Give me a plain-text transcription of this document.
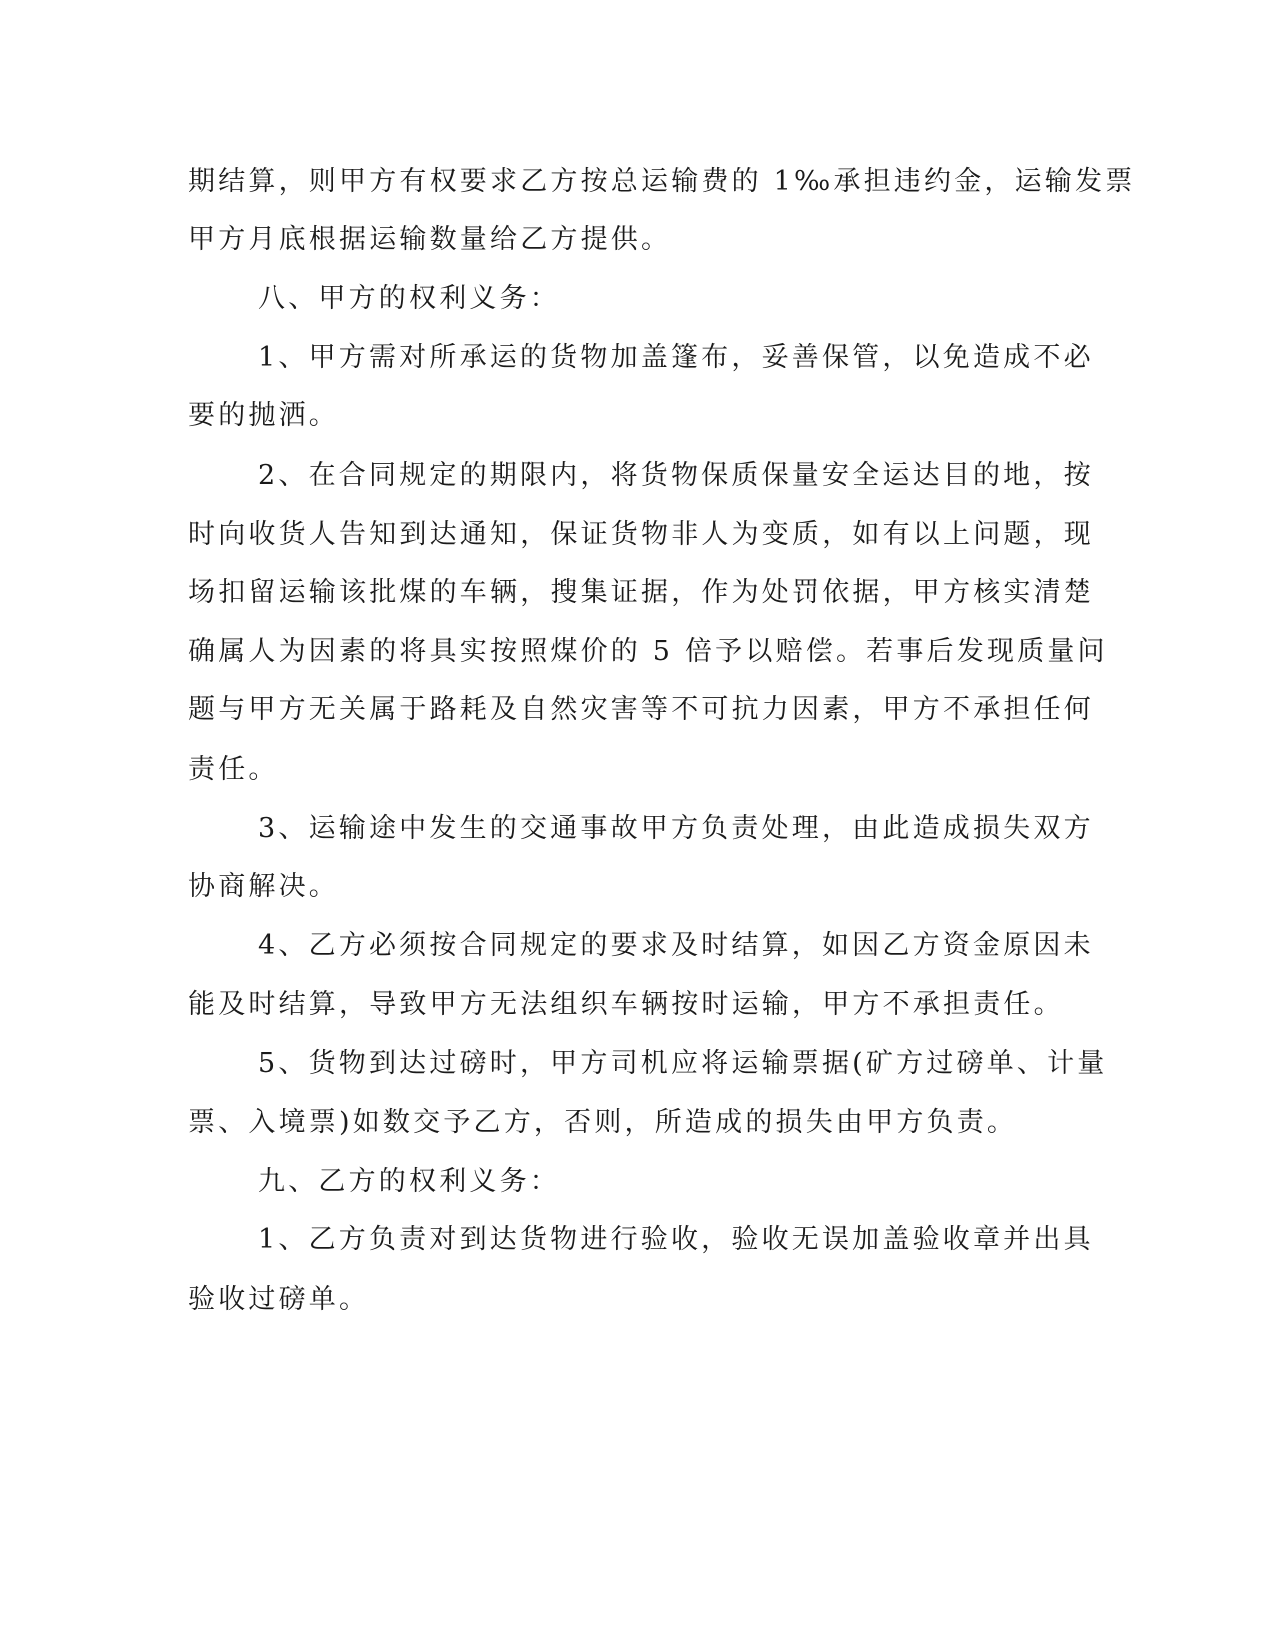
期结算，则甲方有权要求乙方按总运输费的 1‰承担违约金，运输发票
甲方月底根据运输数量给乙方提供。
八、甲方的权利义务：
1、甲方需对所承运的货物加盖篷布，妥善保管，以免造成不必
要的抛洒。
2、在合同规定的期限内，将货物保质保量安全运达目的地，按
时向收货人告知到达通知，保证货物非人为变质，如有以上问题，现
场扣留运输该批煤的车辆，搜集证据，作为处罚依据，甲方核实清楚
确属人为因素的将具实按照煤价的 5 倍予以赔偿。若事后发现质量问
题与甲方无关属于路耗及自然灾害等不可抗力因素，甲方不承担任何
责任。
3、运输途中发生的交通事故甲方负责处理，由此造成损失双方
协商解决。
4、乙方必须按合同规定的要求及时结算，如因乙方资金原因未
能及时结算，导致甲方无法组织车辆按时运输，甲方不承担责任。
5、货物到达过磅时，甲方司机应将运输票据(矿方过磅单、计量
票、入境票)如数交予乙方，否则，所造成的损失由甲方负责。
九、乙方的权利义务：
1、乙方负责对到达货物进行验收，验收无误加盖验收章并出具
验收过磅单。
